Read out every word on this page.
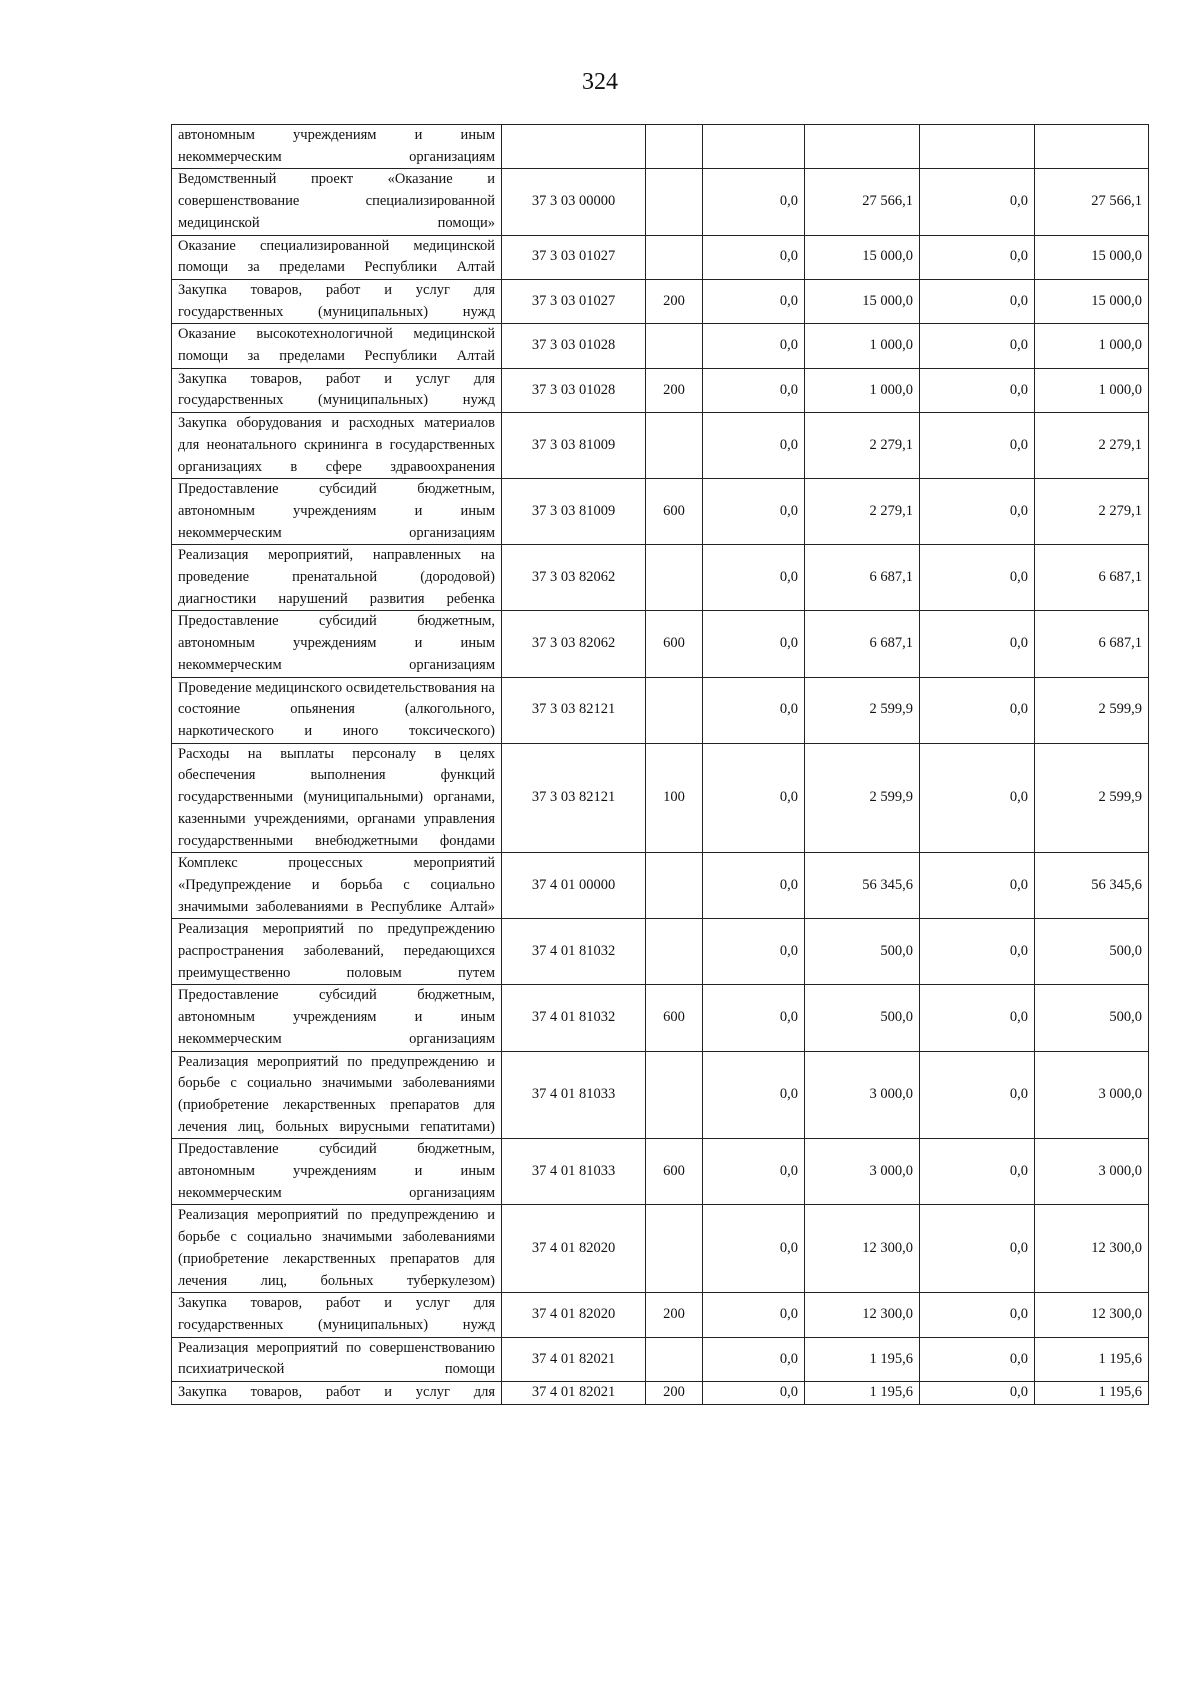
324
автономным учреждениям и иным некоммерческим организациям						
Ведомственный проект «Оказание и совершенствование специализированной медицинской помощи»	37 3 03 00000		0,0	27 566,1	0,0	27 566,1
Оказание специализированной медицинской помощи за пределами Республики Алтай	37 3 03 01027		0,0	15 000,0	0,0	15 000,0
Закупка товаров, работ и услуг для государственных (муниципальных) нужд	37 3 03 01027	200	0,0	15 000,0	0,0	15 000,0
Оказание высокотехнологичной медицинской помощи за пределами Республики Алтай	37 3 03 01028		0,0	1 000,0	0,0	1 000,0
Закупка товаров, работ и услуг для государственных (муниципальных) нужд	37 3 03 01028	200	0,0	1 000,0	0,0	1 000,0
Закупка оборудования и расходных материалов для неонатального скрининга в государственных организациях в сфере здравоохранения	37 3 03 81009		0,0	2 279,1	0,0	2 279,1
Предоставление субсидий бюджетным, автономным учреждениям и иным некоммерческим организациям	37 3 03 81009	600	0,0	2 279,1	0,0	2 279,1
Реализация мероприятий, направленных на проведение пренатальной (дородовой) диагностики нарушений развития ребенка	37 3 03 82062		0,0	6 687,1	0,0	6 687,1
Предоставление субсидий бюджетным, автономным учреждениям и иным некоммерческим организациям	37 3 03 82062	600	0,0	6 687,1	0,0	6 687,1
Проведение медицинского освидетельствования на состояние опьянения (алкогольного, наркотического и иного токсического)	37 3 03 82121		0,0	2 599,9	0,0	2 599,9
Расходы на выплаты персоналу в целях обеспечения выполнения функций государственными (муниципальными) органами, казенными учреждениями, органами управления государственными внебюджетными фондами	37 3 03 82121	100	0,0	2 599,9	0,0	2 599,9
Комплекс процессных мероприятий «Предупреждение и борьба с социально значимыми заболеваниями в Республике Алтай»	37 4 01 00000		0,0	56 345,6	0,0	56 345,6
Реализация мероприятий по предупреждению распространения заболеваний, передающихся преимущественно половым путем	37 4 01 81032		0,0	500,0	0,0	500,0
Предоставление субсидий бюджетным, автономным учреждениям и иным некоммерческим организациям	37 4 01 81032	600	0,0	500,0	0,0	500,0
Реализация мероприятий по предупреждению и борьбе с социально значимыми заболеваниями (приобретение лекарственных препаратов для лечения лиц, больных вирусными гепатитами)	37 4 01 81033		0,0	3 000,0	0,0	3 000,0
Предоставление субсидий бюджетным, автономным учреждениям и иным некоммерческим организациям	37 4 01 81033	600	0,0	3 000,0	0,0	3 000,0
Реализация мероприятий по предупреждению и борьбе с социально значимыми заболеваниями (приобретение лекарственных препаратов для лечения лиц, больных туберкулезом)	37 4 01 82020		0,0	12 300,0	0,0	12 300,0
Закупка товаров, работ и услуг для государственных (муниципальных) нужд	37 4 01 82020	200	0,0	12 300,0	0,0	12 300,0
Реализация мероприятий по совершенствованию психиатрической помощи	37 4 01 82021		0,0	1 195,6	0,0	1 195,6
Закупка товаров, работ и услуг для	37 4 01 82021	200	0,0	1 195,6	0,0	1 195,6
